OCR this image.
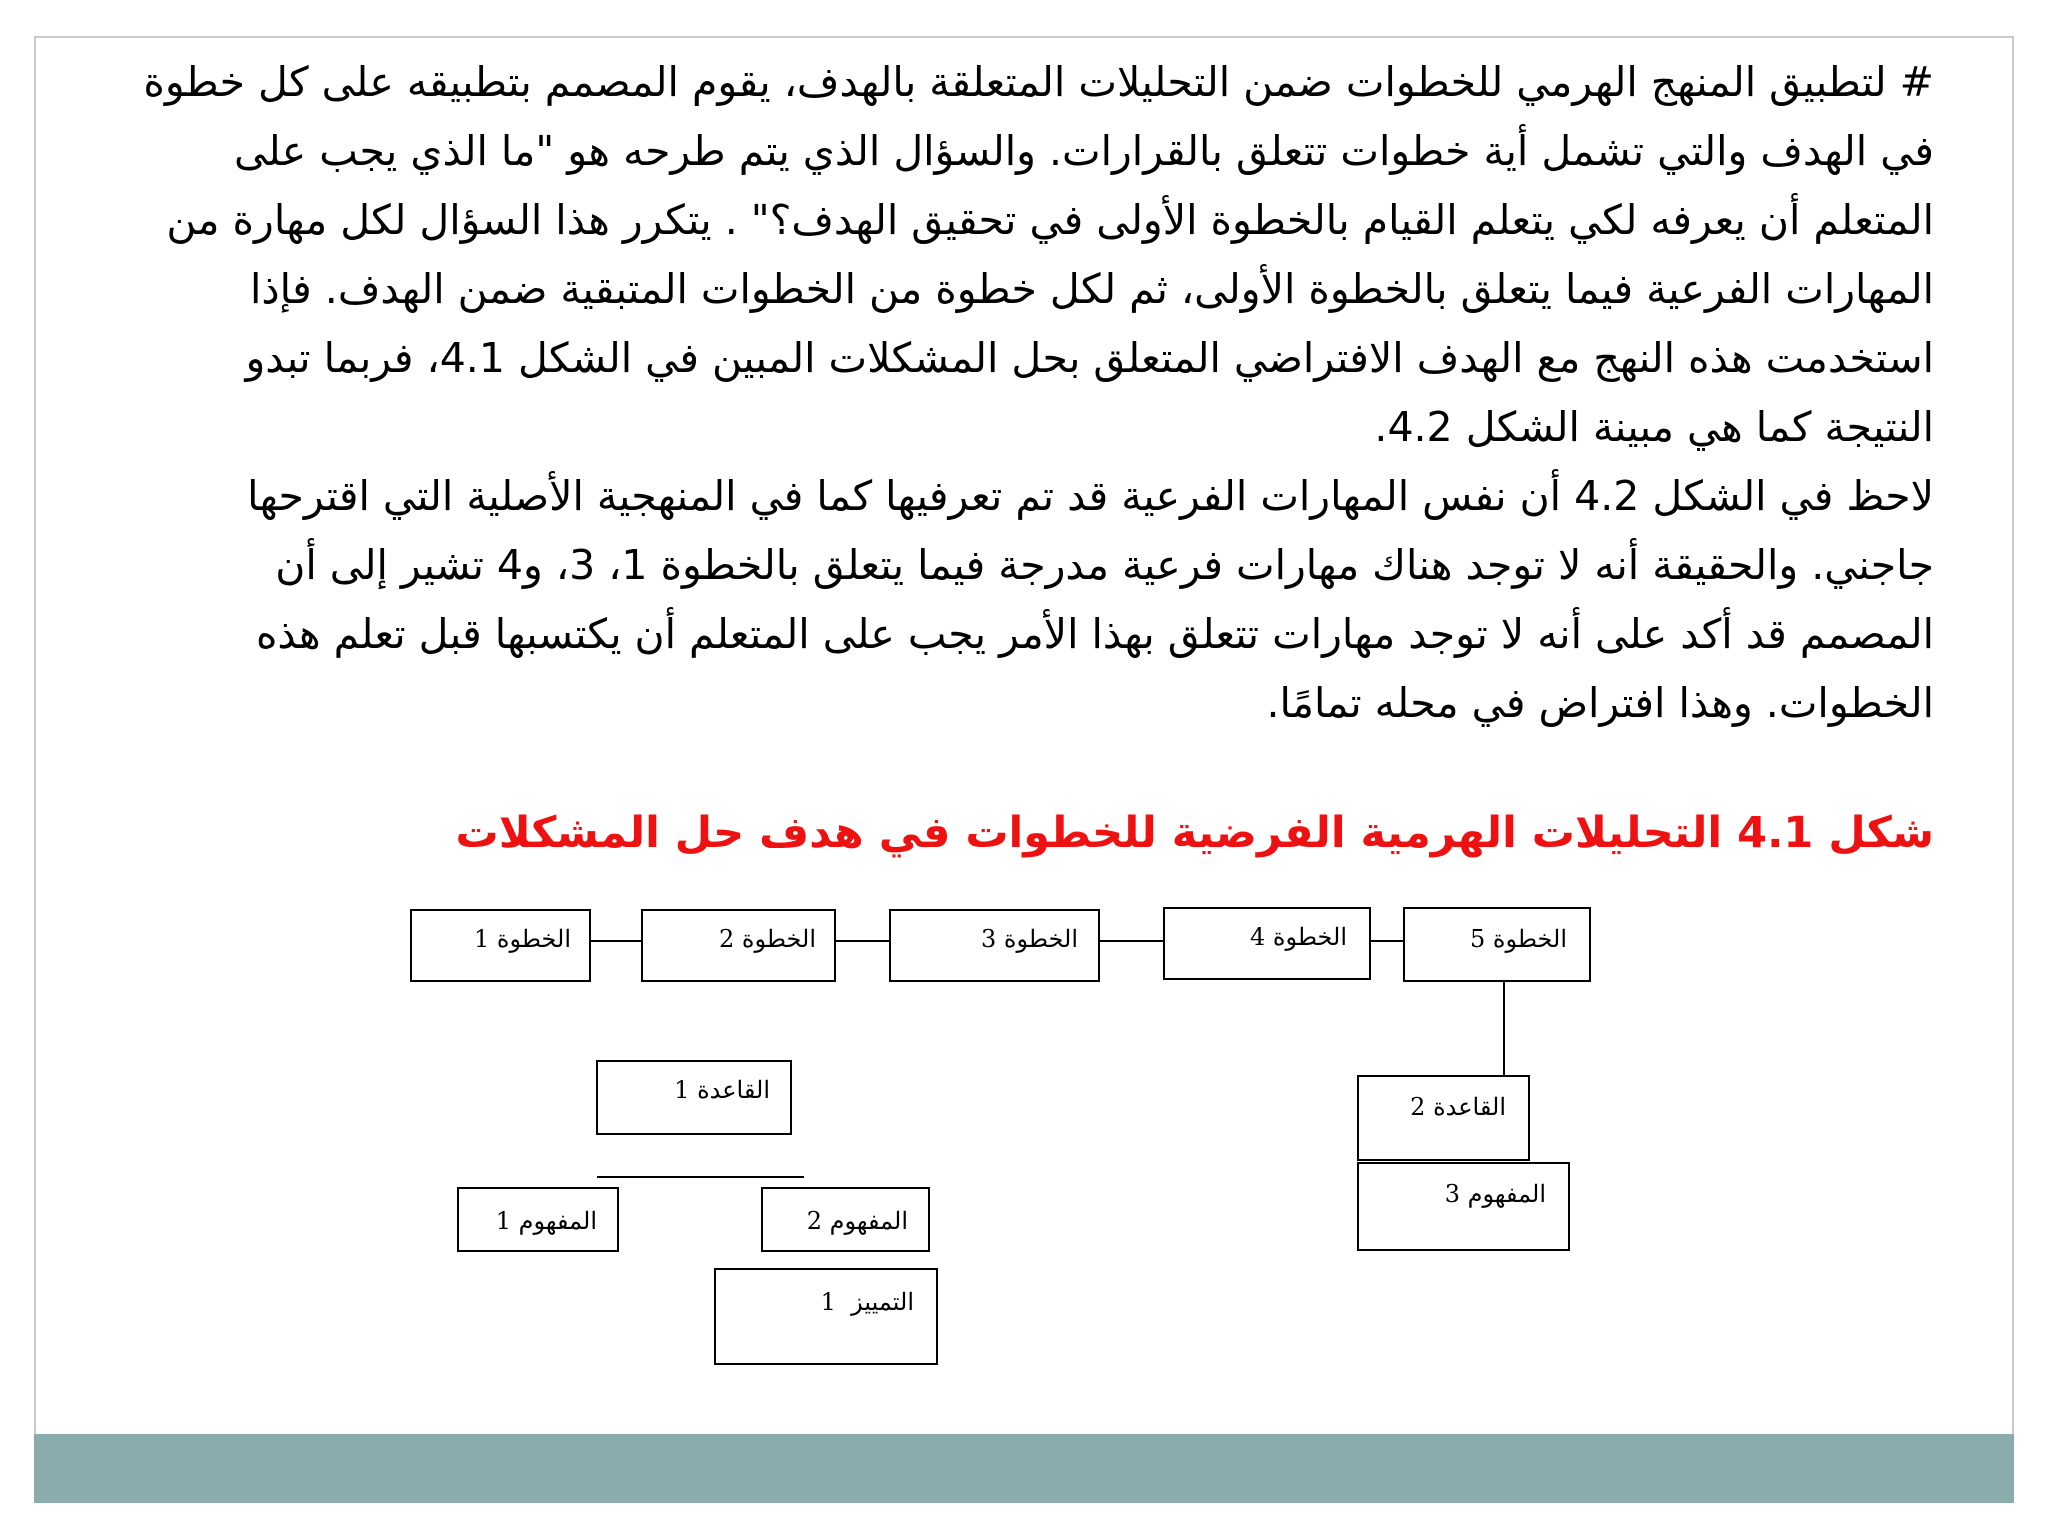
# لتطبيق المنهج الهرمي للخطوات ضمن التحليلات المتعلقة بالهدف، يقوم المصمم بتطبيقه على كل خطوة في الهدف والتي تشمل أية خطوات تتعلق بالقرارات. والسؤال الذي يتم طرحه هو "ما الذي يجب على المتعلم أن يعرفه لكي يتعلم القيام بالخطوة الأولى في تحقيق الهدف؟" . يتكرر هذا السؤال لكل مهارة من المهارات الفرعية فيما يتعلق بالخطوة الأولى، ثم لكل خطوة من الخطوات المتبقية ضمن الهدف. فإذا استخدمت هذه النهج مع الهدف الافتراضي المتعلق بحل المشكلات المبين في الشكل 4.1، فربما تبدو النتيجة كما هي مبينة الشكل 4.2.

لاحظ في الشكل 4.2 أن نفس المهارات الفرعية قد تم تعرفيها كما في المنهجية الأصلية التي اقترحها جاجني. والحقيقة أنه لا توجد هناك مهارات فرعية مدرجة فيما يتعلق بالخطوة 1، 3، و4 تشير إلى أن المصمم قد أكد على أنه لا توجد مهارات تتعلق بهذا الأمر يجب على المتعلم أن يكتسبها قبل تعلم هذه الخطوات. وهذا افتراض في محله تمامًا.

شكل 4.1 التحليلات الهرمية الفرضية للخطوات في هدف حل المشكلات

الخطوة 1	الخطوة 2	الخطوة 3	الخطوة 4	الخطوة 5
القاعدة 1
القاعدة 2
المفهوم 1	المفهوم 2
المفهوم 3
التمييز  1
